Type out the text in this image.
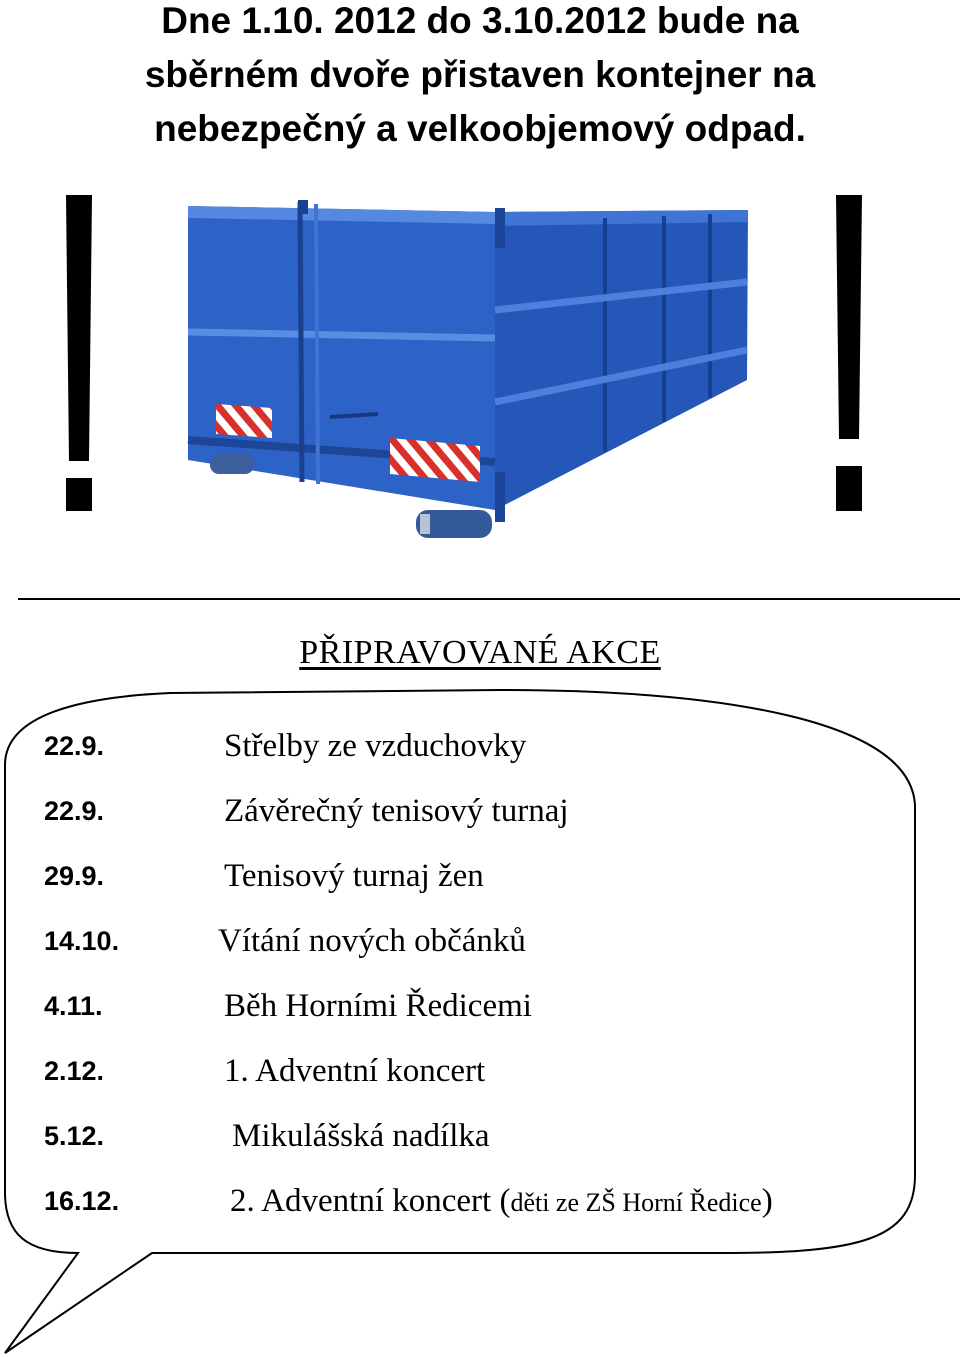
Dne 1.10. 2012 do 3.10.2012 bude na
sběrném dvoře přistaven kontejner na
nebezpečný a velkoobjemový odpad.
PŘIPRAVOVANÉ AKCE
22.9.	Střelby ze vzduchovky
22.9.	Závěrečný tenisový turnaj
29.9.	Tenisový turnaj žen
14.10.	Vítání nových občánků
4.11.	Běh Horními Ředicemi
2.12.	1. Adventní koncert
5.12.	Mikulášská nadílka
16.12.	2. Adventní koncert (děti ze ZŠ Horní Ředice)
